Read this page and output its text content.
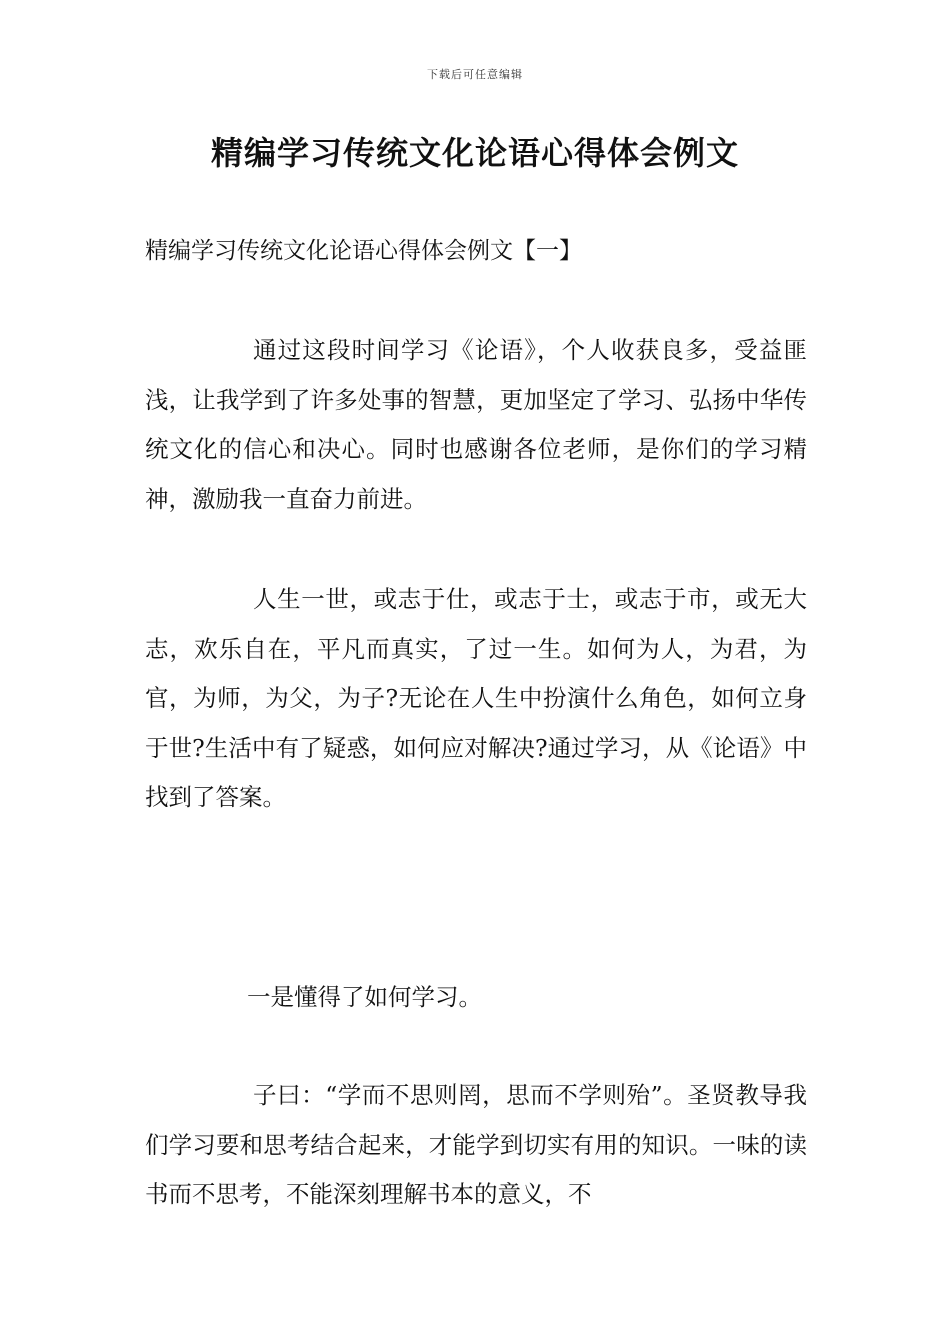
下载后可任意编辑
精编学习传统文化论语心得体会例文
精编学习传统文化论语心得体会例文【一】

通过这段时间学习《论语》，个人收获良多，受益匪浅，让我学到了许多处事的智慧，更加坚定了学习、弘扬中华传统文化的信心和决心。同时也感谢各位老师，是你们的学习精神，激励我一直奋力前进。

人生一世，或志于仕，或志于士，或志于市，或无大志，欢乐自在，平凡而真实，了过一生。如何为人，为君，为官，为师，为父，为子?无论在人生中扮演什么角色，如何立身于世?生活中有了疑惑，如何应对解决?通过学习，从《论语》中找到了答案。

一是懂得了如何学习。

子曰：“学而不思则罔，思而不学则殆”。圣贤教导我们学习要和思考结合起来，才能学到切实有用的知识。一味的读书而不思考，不能深刻理解书本的意义，不
